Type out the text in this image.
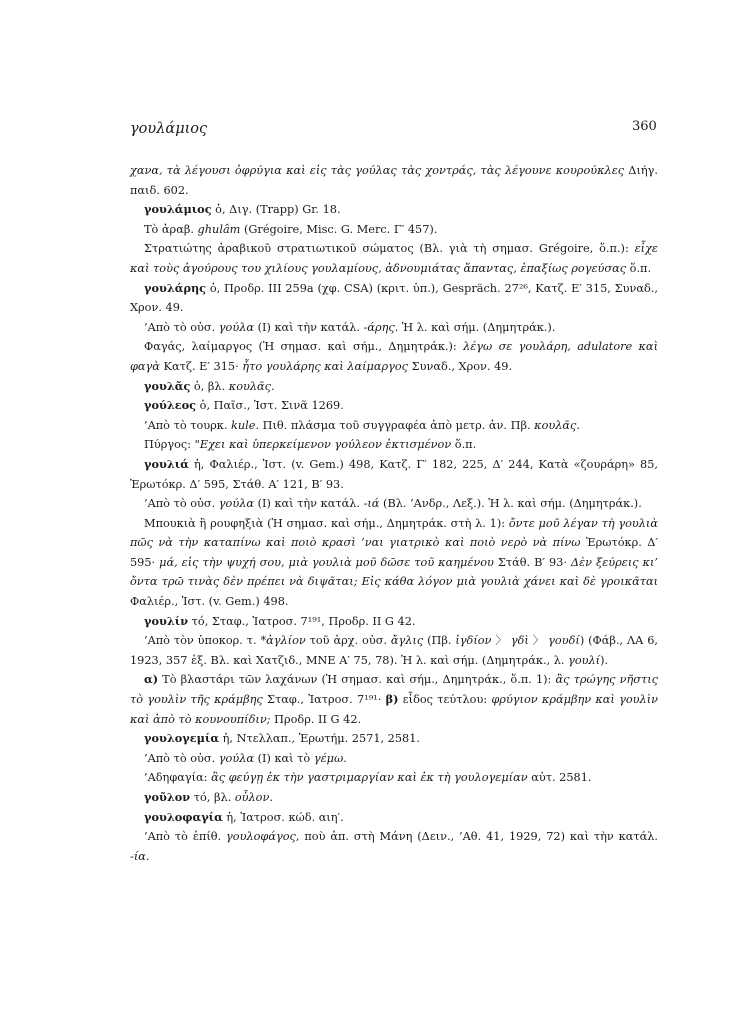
γουλάμιος	360

χανα, τὰ λέγουσι ὀφρύγια καὶ εἰς τὰς γούλας τὰς χοντράς, τὰς λέγουνε κουρούκλες Διήγ. παιδ. 602.

γουλάμιος ὁ, Διγ. (Trapp) Gr. 18.

Τὸ ἀραβ. ghulâm (Grégoire, Misc. G. Merc. Γ′ 457).

Στρατιώτης ἀραβικοῦ στρατιωτικοῦ σώματος (Βλ. γιὰ τὴ σημασ. Grégoire, ὅ.π.): εἶχε καὶ τοὺς ἀγούρους του χιλίους γουλαμίους, ἀδνουμιάτας ἅπαντας, ἐπαξίως ρογεύσας ὅ.π.

γουλάρης ὁ, Προδρ. III 259a (χφ. CSA) (κριτ. ὑπ.), Gespräch. 27²⁶, Κατζ. Ε′ 315, Συναδ., Χρον. 49.

’Απὸ τὸ οὐσ. γούλα (I) καὶ τὴν κατάλ. -άρης. Ἡ λ. καὶ σήμ. (Δημητράκ.).

Φαγάς, λαίμαργος (Ἡ σημασ. καὶ σήμ., Δημητράκ.): λέγω σε γουλάρη, adulatore καὶ φαγὰ Κατζ. Ε′ 315· ἦτο γουλάρης καὶ λαίμαργος Συναδ., Χρον. 49.

γουλᾶς ὁ, βλ. κουλᾶς.

γούλεος ὁ, Παῖσ., Ἱστ. Σινᾶ 1269.

’Απὸ τὸ τουρκ. kule. Πιθ. πλάσμα τοῦ συγγραφέα ἀπὸ μετρ. ἀν. Πβ. κουλᾶς.

Πύργος: "Εχει καὶ ὑπερκείμενον γούλεον ἐκτισμένον ὅ.π.

γουλιά ἡ, Φαλιέρ., Ἱστ. (v. Gem.) 498, Κατζ. Γ′ 182, 225, Δ′ 244, Κατὰ «ζουράρη» 85, Ἐρωτόκρ. Δ′ 595, Στάθ. Α′ 121, Β′ 93.

’Απὸ τὸ οὐσ. γούλα (I) καὶ τὴν κατάλ. -ιά (Βλ. ’Ανδρ., Λεξ.). Ἡ λ. καὶ σήμ. (Δημητράκ.).

Μπουκιὰ ἢ ρουφηξιὰ (Ἡ σημασ. καὶ σήμ., Δημητράκ. στὴ λ. 1): ὄντε μοῦ λέγαν τὴ γουλιὰ πῶς νὰ τὴν καταπίνω καὶ ποιὸ κρασὶ ’ναι γιατρικὸ καὶ ποιὸ νερὸ νὰ πίνω Ἐρωτόκρ. Δ′ 595· μά, εἰς τὴν ψυχή σου, μιὰ γουλιὰ μοῦ δῶσε τοῦ καημένου Στάθ. Β′ 93· Δὲν ξεύρεις κι’ ὄντα τρῶ τινὰς δὲν πρέπει νὰ διψᾶται; Εἰς κάθα λόγον μιὰ γουλιὰ χάνει καὶ δὲ γροικᾶται Φαλιέρ., Ἱστ. (v. Gem.) 498.

γουλίν τό, Σταφ., Ἰατροσ. 7¹⁹¹, Προδρ. II G 42.

’Απὸ τὸν ὑποκορ. τ. *ἀγλίον τοῦ ἀρχ. οὐσ. ἄγλις (Πβ. ἰγδίον 〉 γδὶ 〉 γουδί) (Φάβ., ΛΑ 6, 1923, 357 ἑξ. Βλ. καὶ Χατζιδ., ΜΝΕ Α′ 75, 78). Ἡ λ. καὶ σήμ. (Δημητράκ., λ. γουλί).

α) Τὸ βλαστάρι τῶν λαχάνων (Ἡ σημασ. καὶ σήμ., Δημητράκ., ὅ.π. 1): ἂς τρώγης νῆστις τὸ γουλὶν τῆς κράμβης Σταφ., Ἰατροσ. 7¹⁹¹· β) εἶδος τεύτλου: φρύγιον κράμβην καὶ γουλὶν καὶ ἀπὸ τὸ κουνουπίδιν; Προδρ. II G 42.

γουλογεμία ἡ, Ντελλαπ., Ἐρωτήμ. 2571, 2581.

’Απὸ τὸ οὐσ. γούλα (I) καὶ τὸ γέμω.

’Αδηφαγία: ἂς φεύγῃ ἐκ τὴν γαστριμαργίαν καὶ ἐκ τὴ γουλογεμίαν αὐτ. 2581.

γοῦλον τό, βλ. οὖλον.

γουλοφαγία ἡ, Ἰατροσ. κώδ. αιη′.

’Απὸ τὸ ἐπίθ. γουλοφάγος, ποὺ ἀπ. στὴ Μάνη (Δειν., ’Αθ. 41, 1929, 72) καὶ τὴν κατάλ. -ία.
